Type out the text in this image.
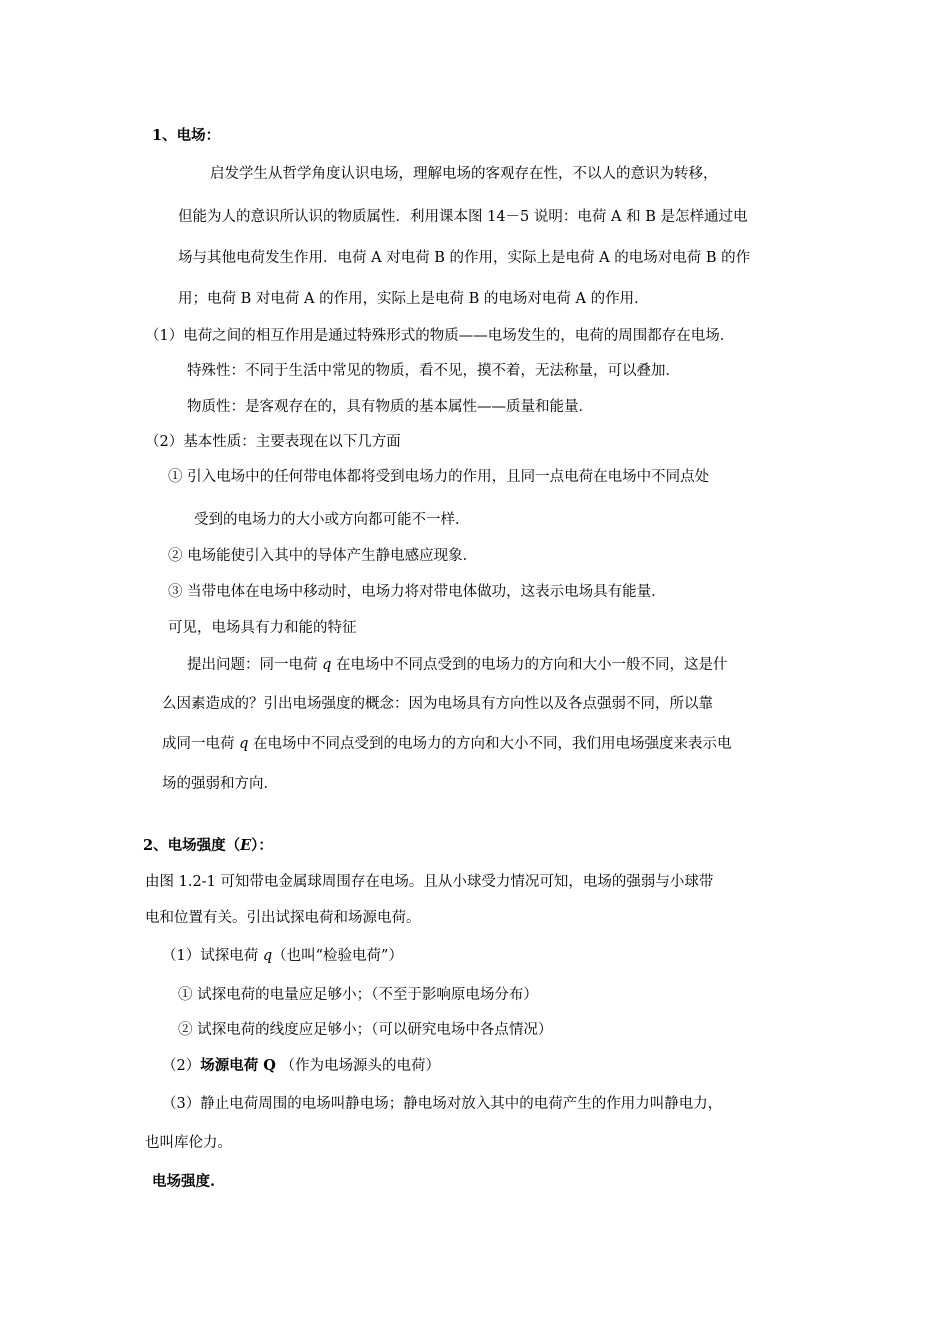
1、电场：
启发学生从哲学角度认识电场，理解电场的客观存在性，不以人的意识为转移，
但能为人的意识所认识的物质属性．利用课本图 14－5 说明：电荷 A 和 B 是怎样通过电
场与其他电荷发生作用．电荷 A 对电荷 B 的作用，实际上是电荷 A 的电场对电荷 B 的作
用；电荷 B 对电荷 A 的作用，实际上是电荷 B 的电场对电荷 A 的作用．
（1）电荷之间的相互作用是通过特殊形式的物质——电场发生的，电荷的周围都存在电场．
特殊性：不同于生活中常见的物质，看不见，摸不着，无法称量，可以叠加．
物质性：是客观存在的，具有物质的基本属性——质量和能量．
（2）基本性质：主要表现在以下几方面
① 引入电场中的任何带电体都将受到电场力的作用，且同一点电荷在电场中不同点处
受到的电场力的大小或方向都可能不一样．
② 电场能使引入其中的导体产生静电感应现象．
③ 当带电体在电场中移动时，电场力将对带电体做功，这表示电场具有能量．
可见，电场具有力和能的特征
提出问题：同一电荷 q 在电场中不同点受到的电场力的方向和大小一般不同，这是什
么因素造成的？引出电场强度的概念：因为电场具有方向性以及各点强弱不同，所以靠
成同一电荷 q 在电场中不同点受到的电场力的方向和大小不同，我们用电场强度来表示电
场的强弱和方向．
2、电场强度（E）：
由图 1.2-1 可知带电金属球周围存在电场。且从小球受力情况可知，电场的强弱与小球带
电和位置有关。引出试探电荷和场源电荷。
（1）试探电荷 q（也叫“检验电荷”）
① 试探电荷的电量应足够小；（不至于影响原电场分布）
② 试探电荷的线度应足够小；（可以研究电场中各点情况）
（2）场源电荷 Q （作为电场源头的电荷）
（3）静止电荷周围的电场叫静电场；静电场对放入其中的电荷产生的作用力叫静电力，
也叫库伦力。
电场强度.
